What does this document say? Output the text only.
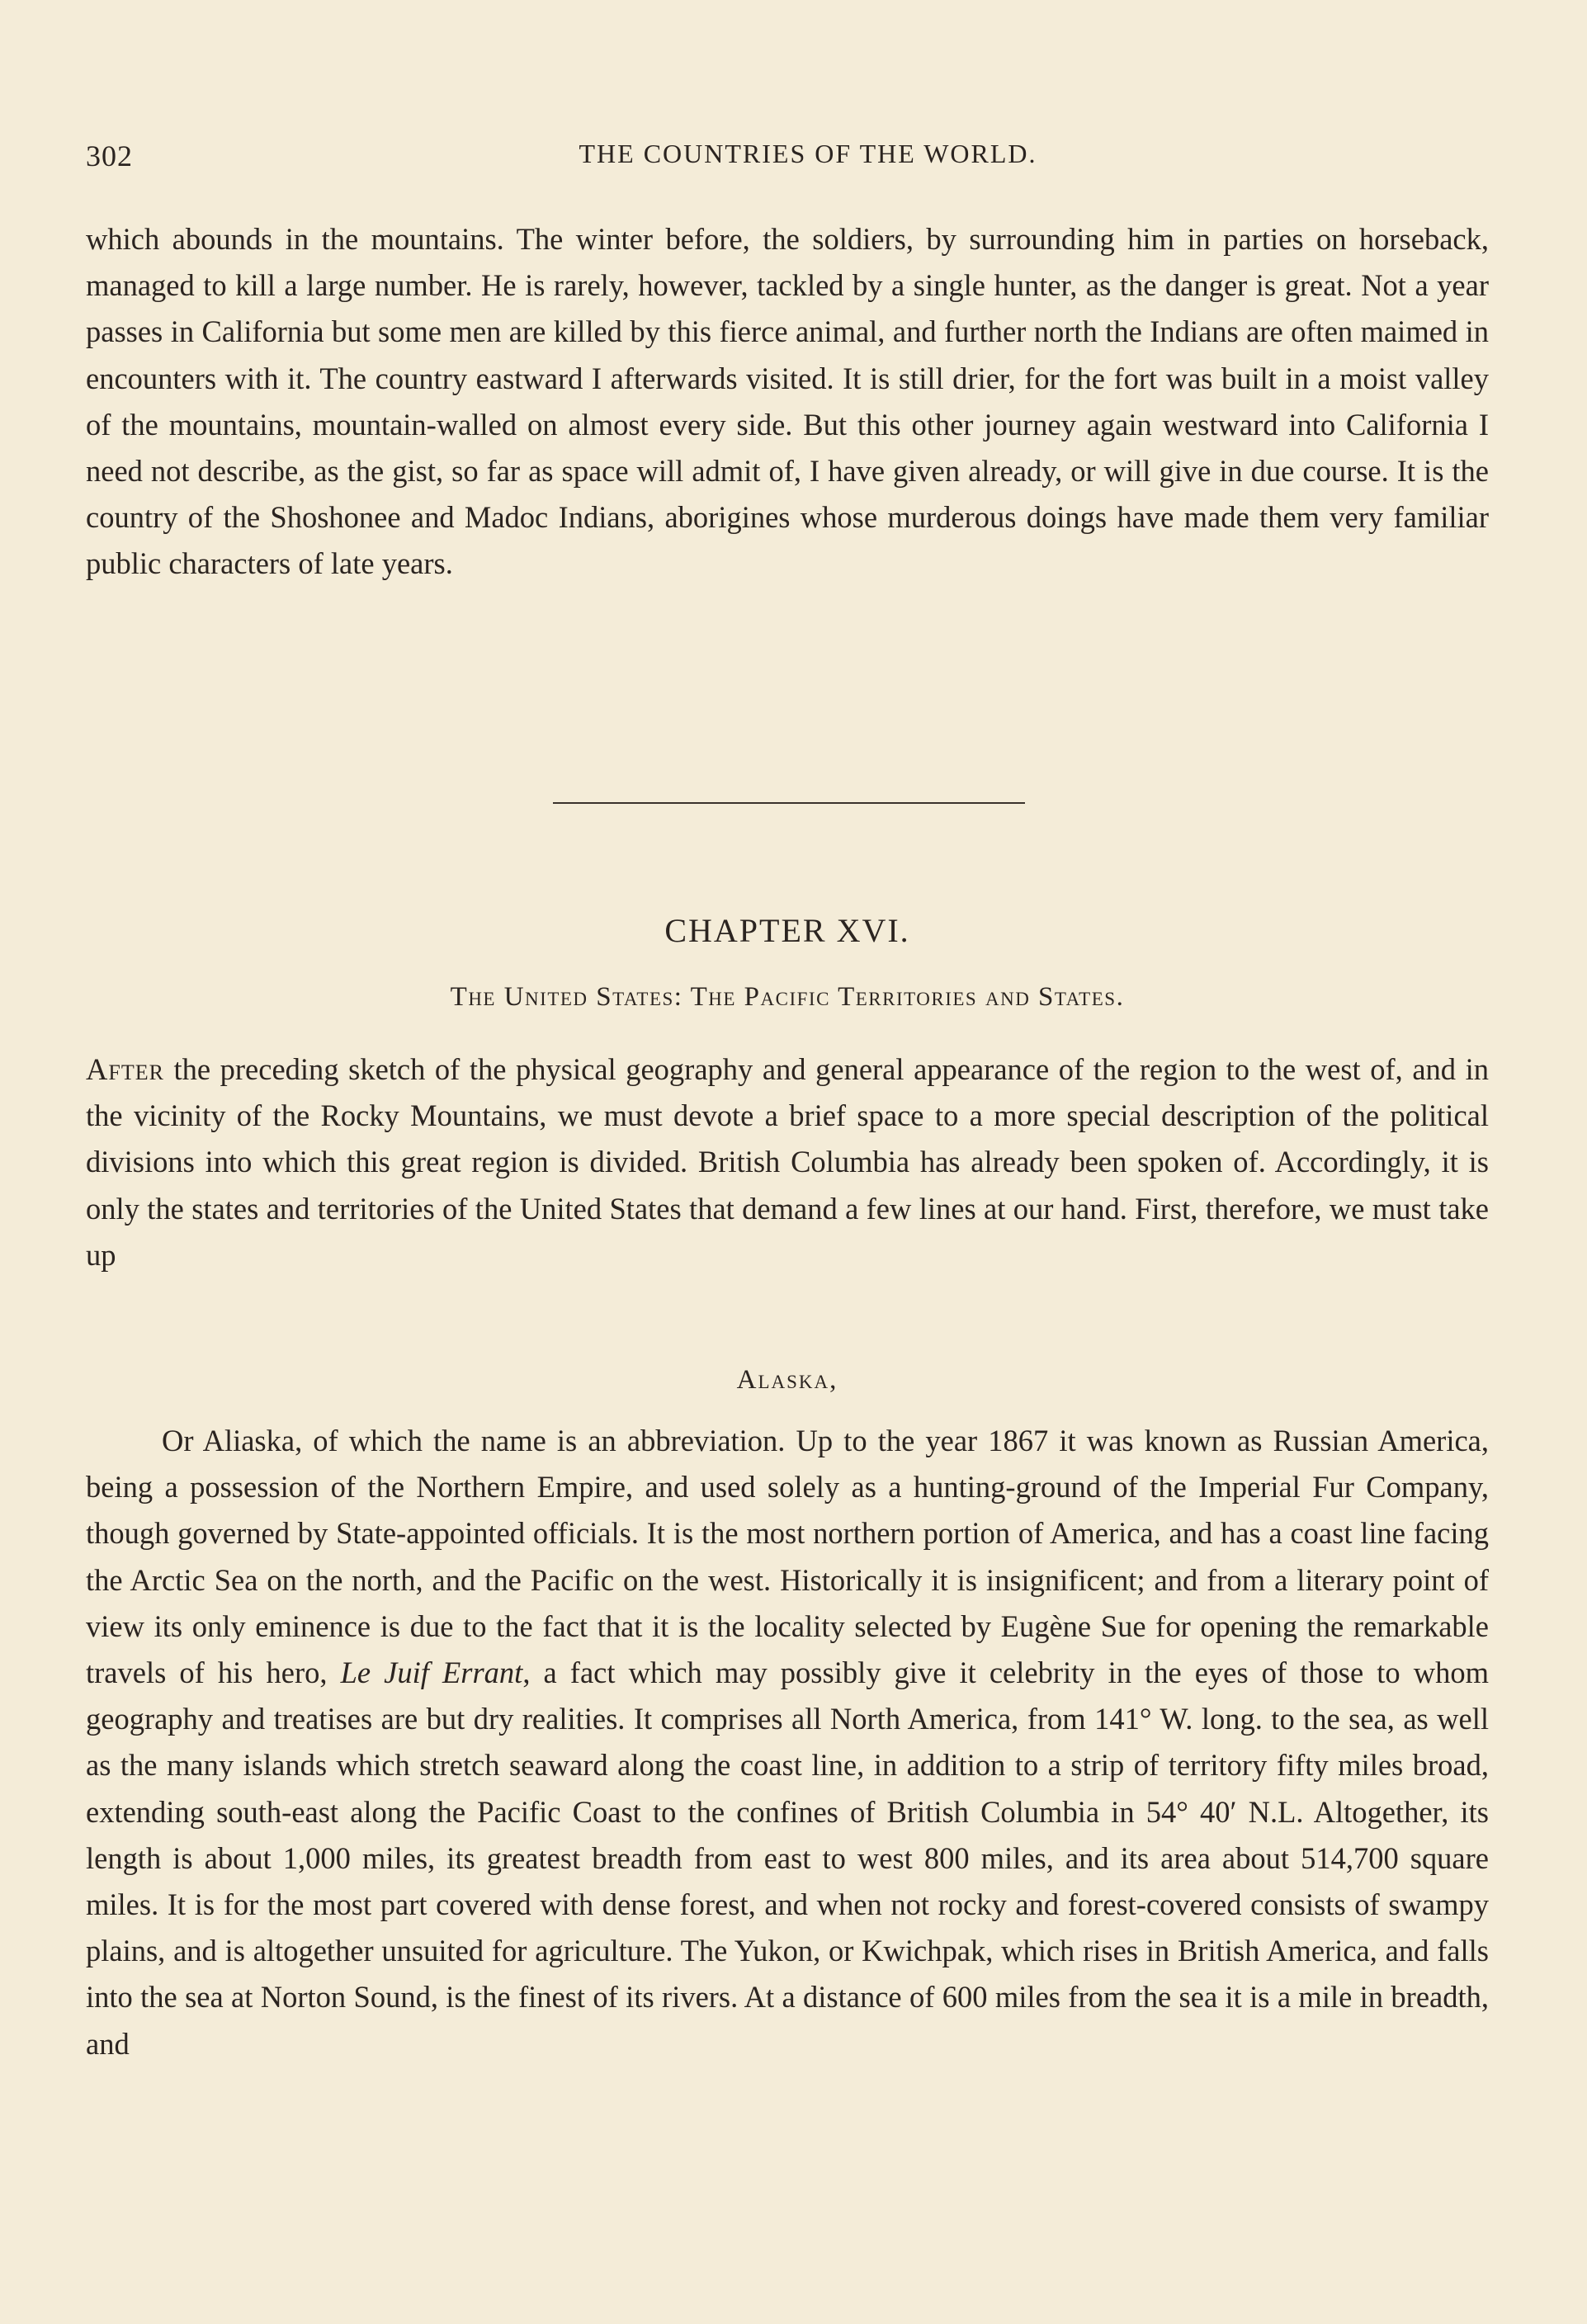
302	THE COUNTRIES OF THE WORLD.

which abounds in the mountains. The winter before, the soldiers, by surrounding him in parties on horseback, managed to kill a large number. He is rarely, however, tackled by a single hunter, as the danger is great. Not a year passes in California but some men are killed by this fierce animal, and further north the Indians are often maimed in encounters with it. The country eastward I afterwards visited. It is still drier, for the fort was built in a moist valley of the mountains, mountain-walled on almost every side. But this other journey again westward into California I need not describe, as the gist, so far as space will admit of, I have given already, or will give in due course. It is the country of the Shoshonee and Madoc Indians, aborigines whose murderous doings have made them very familiar public characters of late years.

CHAPTER XVI.
The United States: The Pacific Territories and States.

After the preceding sketch of the physical geography and general appearance of the region to the west of, and in the vicinity of the Rocky Mountains, we must devote a brief space to a more special description of the political divisions into which this great region is divided. British Columbia has already been spoken of. Accordingly, it is only the states and territories of the United States that demand a few lines at our hand. First, therefore, we must take up

Alaska,

Or Aliaska, of which the name is an abbreviation. Up to the year 1867 it was known as Russian America, being a possession of the Northern Empire, and used solely as a hunting-ground of the Imperial Fur Company, though governed by State-appointed officials. It is the most northern portion of America, and has a coast line facing the Arctic Sea on the north, and the Pacific on the west. Historically it is insignificent; and from a literary point of view its only eminence is due to the fact that it is the locality selected by Eugène Sue for opening the remarkable travels of his hero, Le Juif Errant, a fact which may possibly give it celebrity in the eyes of those to whom geography and treatises are but dry realities. It comprises all North America, from 141° W. long. to the sea, as well as the many islands which stretch seaward along the coast line, in addition to a strip of territory fifty miles broad, extending south-east along the Pacific Coast to the confines of British Columbia in 54° 40′ N.L. Altogether, its length is about 1,000 miles, its greatest breadth from east to west 800 miles, and its area about 514,700 square miles. It is for the most part covered with dense forest, and when not rocky and forest-covered consists of swampy plains, and is altogether unsuited for agriculture. The Yukon, or Kwichpak, which rises in British America, and falls into the sea at Norton Sound, is the finest of its rivers. At a distance of 600 miles from the sea it is a mile in breadth, and
